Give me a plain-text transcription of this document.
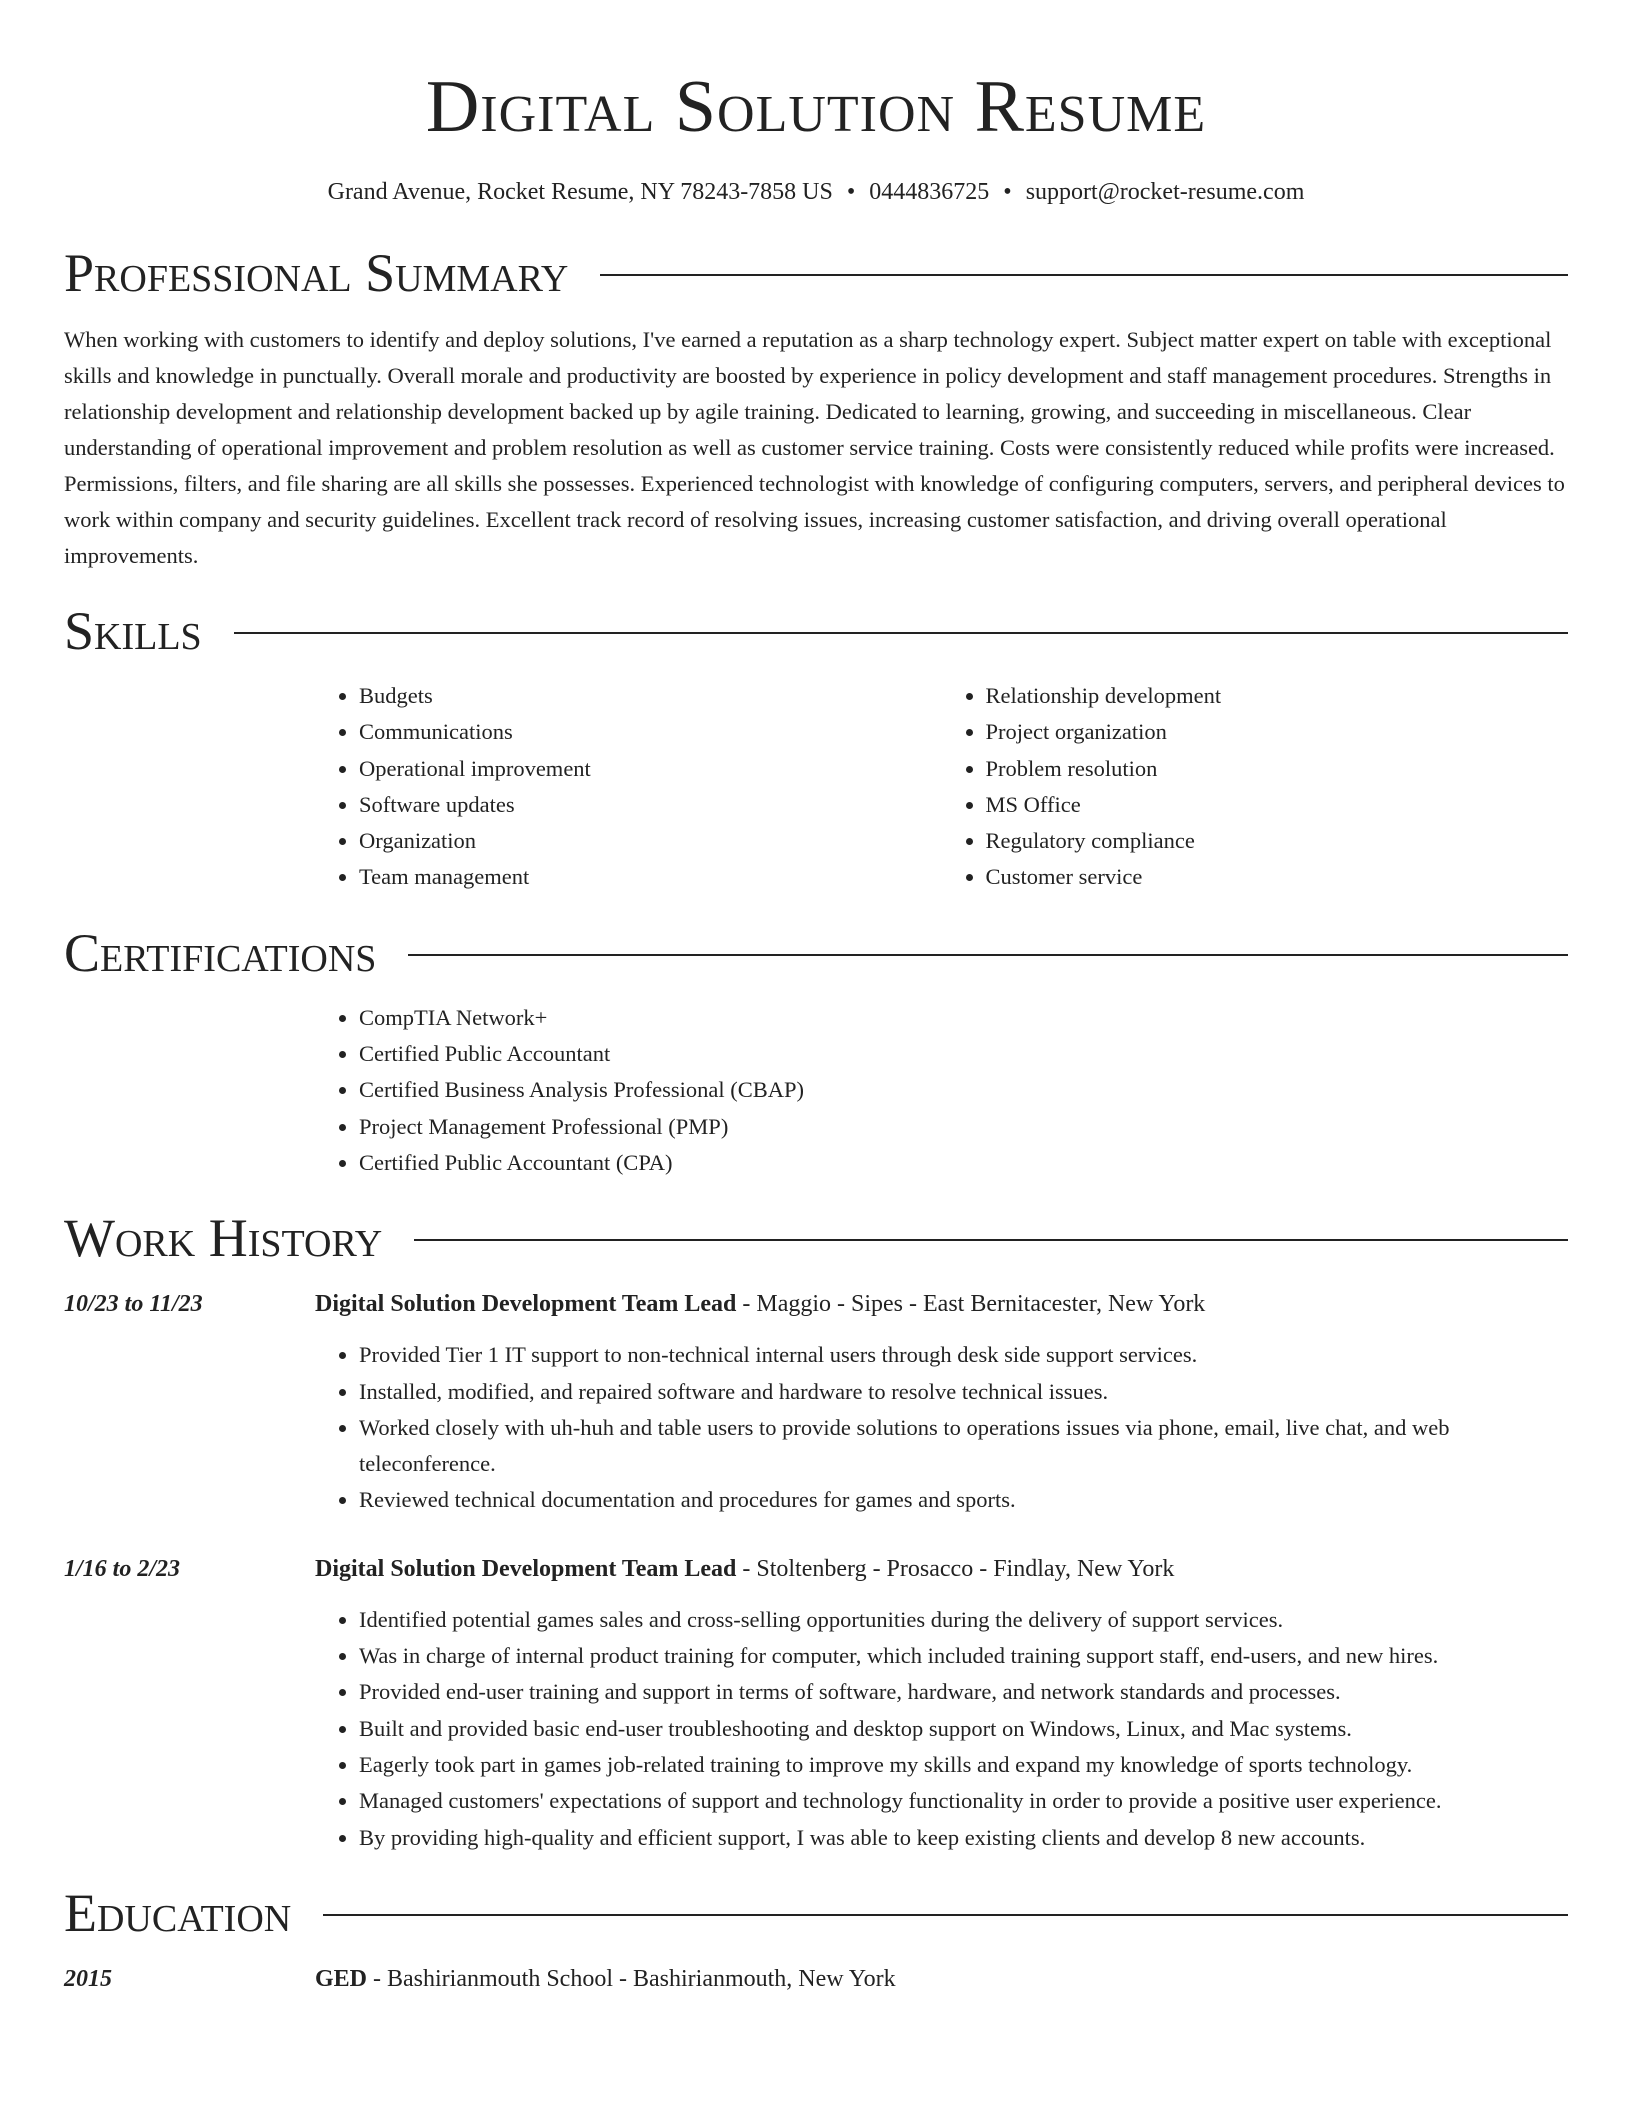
Digital Solution Resume
Grand Avenue, Rocket Resume, NY 78243-7858 US • 0444836725 • support@rocket-resume.com
Professional Summary

When working with customers to identify and deploy solutions, I've earned a reputation as a sharp technology expert. Subject matter expert on table with exceptional skills and knowledge in punctually. Overall morale and productivity are boosted by experience in policy development and staff management procedures. Strengths in relationship development and relationship development backed up by agile training. Dedicated to learning, growing, and succeeding in miscellaneous. Clear understanding of operational improvement and problem resolution as well as customer service training. Costs were consistently reduced while profits were increased. Permissions, filters, and file sharing are all skills she possesses. Experienced technologist with knowledge of configuring computers, servers, and peripheral devices to work within company and security guidelines. Excellent track record of resolving issues, increasing customer satisfaction, and driving overall operational improvements.

Skills
• Budgets
• Communications
• Operational improvement
• Software updates
• Organization
• Team management
• Relationship development
• Project organization
• Problem resolution
• MS Office
• Regulatory compliance
• Customer service
Certifications
• CompTIA Network+
• Certified Public Accountant
• Certified Business Analysis Professional (CBAP)
• Project Management Professional (PMP)
• Certified Public Accountant (CPA)
Work History
10/23 to 11/23	Digital Solution Development Team Lead - Maggio - Sipes - East Bernitacester, New York
• Provided Tier 1 IT support to non-technical internal users through desk side support services.
• Installed, modified, and repaired software and hardware to resolve technical issues.
• Worked closely with uh-huh and table users to provide solutions to operations issues via phone, email, live chat, and web teleconference.
• Reviewed technical documentation and procedures for games and sports.
1/16 to 2/23	Digital Solution Development Team Lead - Stoltenberg - Prosacco - Findlay, New York
• Identified potential games sales and cross-selling opportunities during the delivery of support services.
• Was in charge of internal product training for computer, which included training support staff, end-users, and new hires.
• Provided end-user training and support in terms of software, hardware, and network standards and processes.
• Built and provided basic end-user troubleshooting and desktop support on Windows, Linux, and Mac systems.
• Eagerly took part in games job-related training to improve my skills and expand my knowledge of sports technology.
• Managed customers' expectations of support and technology functionality in order to provide a positive user experience.
• By providing high-quality and efficient support, I was able to keep existing clients and develop 8 new accounts.
Education
2015	GED - Bashirianmouth School - Bashirianmouth, New York
